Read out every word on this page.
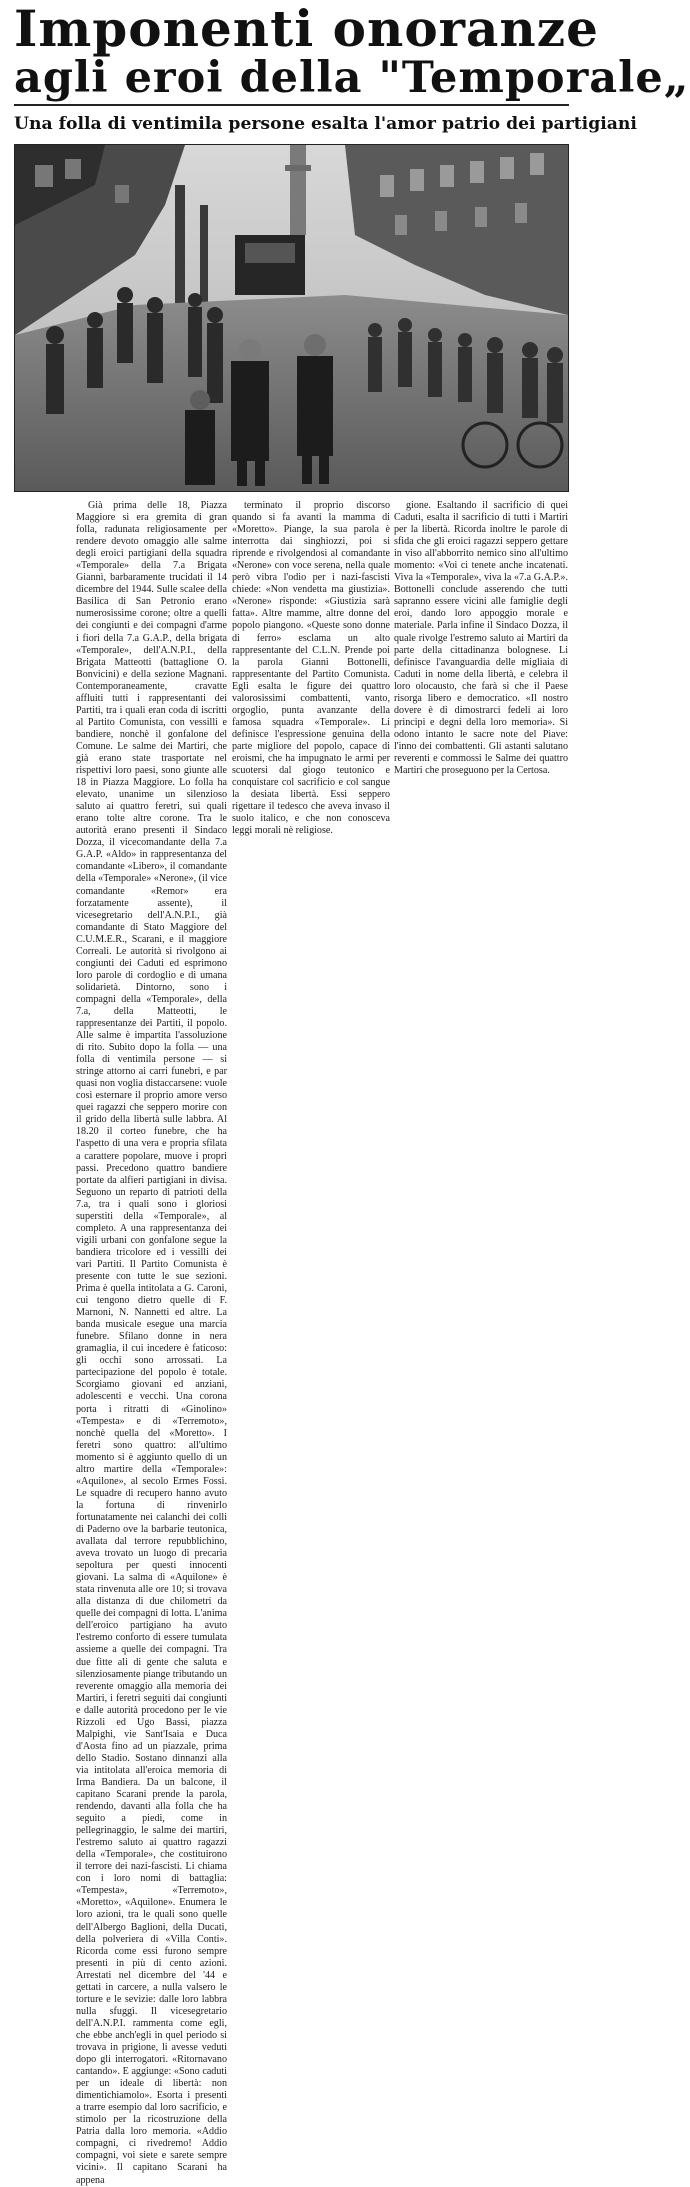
Imponenti onoranze
agli eroi della "Temporale„
Una folla di ventimila persone esalta l'amor patrio dei partigiani

Già prima delle 18, Piazza Maggiore si era gremita di gran folla, radunata religiosamente per rendere devoto omaggio alle salme degli eroici partigiani della squadra «Temporale» della 7.a Brigata Giannì, barbaramente trucidati il 14 dicembre del 1944. Sulle scalee della Basilica di San Petronio erano numerosissime corone; oltre a quelli dei congiunti e dei compagni d'arme i fiori della 7.a G.A.P., della brigata «Temporale», dell'A.N.P.I., della Brigata Matteotti (battaglione O. Bonvicini) e della sezione Magnani. Contemporaneamente, cravatte affluiti tutti i rappresentanti dei Partiti, tra i quali eran coda di iscritti al Partito Comunista, con vessilli e bandiere, nonchè il gonfalone del Comune. Le salme dei Martiri, che già erano state trasportate nel rispettivi loro paesi, sono giunte alle 18 in Piazza Maggiore. Lo folla ha elevato, unanime un silenzioso saluto ai quattro feretri, sui quali erano tolte altre corone. Tra le autorità erano presenti il Sindaco Dozza, il vicecomandante della 7.a G.A.P. «Aldo» in rappresentanza del comandante «Libero», il comandante della «Temporale» «Nerone», (il vice comandante «Remor» era forzatamente assente), il vicesegretario dell'A.N.P.I., già comandante di Stato Maggiore del C.U.M.E.R., Scarani, e il maggiore Correali. Le autorità si rivolgono ai congiunti dei Caduti ed esprimono loro parole di cordoglio e di umana solidarietà. Dintorno, sono i compagni della «Temporale», della 7.a, della Matteotti, le rappresentanze dei Partiti, il popolo. Alle salme è impartita l'assoluzione di rito. Subito dopo la folla — una folla di ventimila persone — si stringe attorno ai carri funebri, e par quasi non voglia distaccarsene: vuole così esternare il proprio amore verso quei ragazzi che seppero morire con il grido della libertà sulle labbra. Al 18.20 il corteo funebre, che ha l'aspetto di una vera e propria sfilata a carattere popolare, muove i propri passi. Precedono quattro bandiere portate da alfieri partigiani in divisa. Seguono un reparto di patrioti della 7.a, tra i quali sono i gloriosi superstiti della «Temporale», al completo. A una rappresentanza dei vigili urbani con gonfalone segue la bandiera tricolore ed i vessilli dei vari Partiti. Il Partito Comunista è presente con tutte le sue sezioni. Prima è quella intitolata a G. Caroni, cui tengono dietro quelle di F. Marnoni, N. Nannetti ed altre. La banda musicale esegue una marcia funebre. Sfilano donne in nera gramaglia, il cui incedere è faticoso: gli occhi sono arrossati. La partecipazione del popolo è totale. Scorgiamo giovani ed anziani, adolescenti e vecchi. Una corona porta i ritratti di «Ginolino» «Tempesta» e di «Terremoto», nonchè quella del «Moretto». I feretri sono quattro: all'ultimo momento si è aggiunto quello di un altro martire della «Temporale»: «Aquilone», al secolo Ermes Fossi. Le squadre di recupero hanno avuto la fortuna di rinvenirlo fortunatamente nei calanchi dei colli di Paderno ove la barbarie teutonica, avallata dal terrore repubblichino, aveva trovato un luogo di precaria sepoltura per questi innocenti giovani. La salma di «Aquilone» è stata rinvenuta alle ore 10; si trovava alla distanza di due chilometri da quelle dei compagni di lotta. L'anima dell'eroico partigiano ha avuto l'estremo conforto di essere tumulata assieme a quelle dei compagni. Tra due fitte ali di gente che saluta e silenziosamente piange tributando un reverente omaggio alla memoria dei Martiri, i feretri seguiti dai congiunti e dalle autorità procedono per le vie Rizzoli ed Ugo Bassi, piazza Malpighi, vie Sant'Isaia e Duca d'Aosta fino ad un piazzale, prima dello Stadio. Sostano dinnanzi alla via intitolata all'eroica memoria di Irma Bandiera. Da un balcone, il capitano Scarani prende la parola, rendendo, davanti alla folla che ha seguito a piedi, come in pellegrinaggio, le salme dei martiri, l'estremo saluto ai quattro ragazzi della «Temporale», che costituirono il terrore dei nazi-fascisti. Li chiama con i loro nomi di battaglia: «Tempesta», «Terremoto», «Moretto», «Aquilone». Enumera le loro azioni, tra le quali sono quelle dell'Albergo Baglioni, della Ducati, della polveriera di «Villa Conti». Ricorda come essi furono sempre presenti in più di cento azioni. Arrestati nel dicembre del '44 e gettati in carcere, a nulla valsero le torture e le sevizie: dalle loro labbra nulla sfuggì. Il vicesegretario dell'A.N.P.I. rammenta come egli, che ebbe anch'egli in quel periodo si trovava in prigione, li avesse veduti dopo gli interrogatori. «Ritornavano cantando». E aggiunge: «Sono caduti per un ideale di libertà: non dimentichiamolo». Esorta i presenti a trarre esempio dal loro sacrificio, e stimolo per la ricostruzione della Patria dalla loro memoria. «Addio compagni, ci rivedremo! Addio compagni, voi siete e sarete sempre vicini». Il capitano Scarani ha appena

terminato il proprio discorso quando si fa avanti la mamma di «Moretto». Piange, la sua parola è interrotta dai singhiozzi, poi si riprende e rivolgendosi al comandante «Nerone» con voce serena, nella quale però vibra l'odio per i nazi-fascisti chiede: «Non vendetta ma giustizia». «Nerone» risponde: «Giustizia sarà fatta». Altre mamme, altre donne del popolo piangono. «Queste sono donne di ferro» esclama un alto rappresentante del C.L.N. Prende poi la parola Gianni Bottonelli, rappresentante del Partito Comunista. Egli esalta le figure dei quattro valorosissimi combattenti, vanto, orgoglio, punta avanzante della famosa squadra «Temporale». Li definisce l'espressione genuina della parte migliore del popolo, capace di eroismi, che ha impugnato le armi per scuotersi dal giogo teutonico e conquistare col sacrificio e col sangue la desiata libertà. Essi seppero rigettare il tedesco che aveva invaso il suolo italico, e che non conosceva leggi morali nè religiose.

gione. Esaltando il sacrificio di quei Caduti, esalta il sacrificio di tutti i Martiri per la libertà. Ricorda inoltre le parole di sfida che gli eroici ragazzi seppero gettare in viso all'abborrito nemico sino all'ultimo momento: «Voi ci tenete anche incatenati. Viva la «Temporale», viva la «7.a G.A.P.». Bottonelli conclude asserendo che tutti sapranno essere vicini alle famiglie degli eroi, dando loro appoggio morale e materiale. Parla infine il Sindaco Dozza, il quale rivolge l'estremo saluto ai Martiri da parte della cittadinanza bolognese. Li definisce l'avanguardia delle migliaia di Caduti in nome della libertà, e celebra il loro olocausto, che farà si che il Paese risorga libero e democratico. «Il nostro dovere è di dimostrarci fedeli ai loro principi e degni della loro memoria». Si odono intanto le sacre note del Piave: l'inno dei combattenti. Gli astanti salutano reverenti e commossi le Salme dei quattro Martiri che proseguono per la Certosa.
